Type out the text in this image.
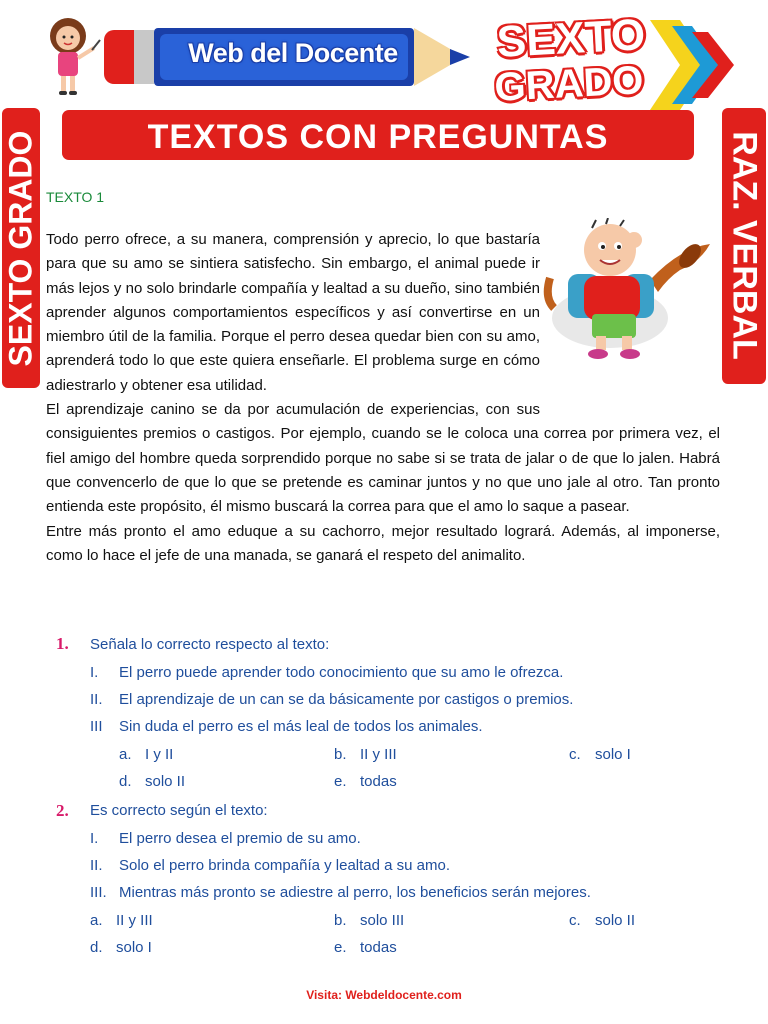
Web del Docente	SEXTO
GRADO
TEXTOS CON PREGUNTAS
SEXTO GRADO	RAZ. VERBAL
TEXTO 1

Todo perro ofrece, a su manera, comprensión y aprecio, lo que bastaría para que su amo se sintiera satisfecho. Sin embargo, el animal puede ir más lejos y no solo brindarle compañía y lealtad a su dueño, sino también aprender algunos comportamientos específicos y así convertirse en un miembro útil de la familia. Porque el perro desea quedar bien con su amo, aprenderá todo lo que este quiera enseñarle. El problema surge en cómo adiestrarlo y obtener esa utilidad.

El aprendizaje canino se da por acumulación de experiencias, con sus consiguientes premios o castigos. Por ejemplo, cuando se le coloca una correa por primera vez, el fiel amigo del hombre queda sorprendido porque no sabe si se trata de jalar o de que lo jalen. Habrá que convencerlo de que lo que se pretende es caminar juntos y no que uno jale al otro. Tan pronto entienda este propósito, él mismo buscará la correa para que el amo lo saque a pasear.

Entre más pronto el amo eduque a su cachorro, mejor resultado logrará. Además, al imponerse, como lo hace el jefe de una manada, se ganará el respeto del animalito.

1. Señala lo correcto respecto al texto:
I. El perro puede aprender todo conocimiento que su amo le ofrezca.
II. El aprendizaje de un can se da básicamente por castigos o premios.
III Sin duda el perro es el más leal de todos los animales.
a. I y II	b. II y III	c. solo I
d. solo II	e. todas
2. Es correcto según el texto:
I. El perro desea el premio de su amo.
II. Solo el perro brinda compañía y lealtad a su amo.
III. Mientras más pronto se adiestre al perro, los beneficios serán mejores.
a. II y III	b. solo III	c. solo II
d. solo I	e. todas
Visita: Webdeldocente.com
